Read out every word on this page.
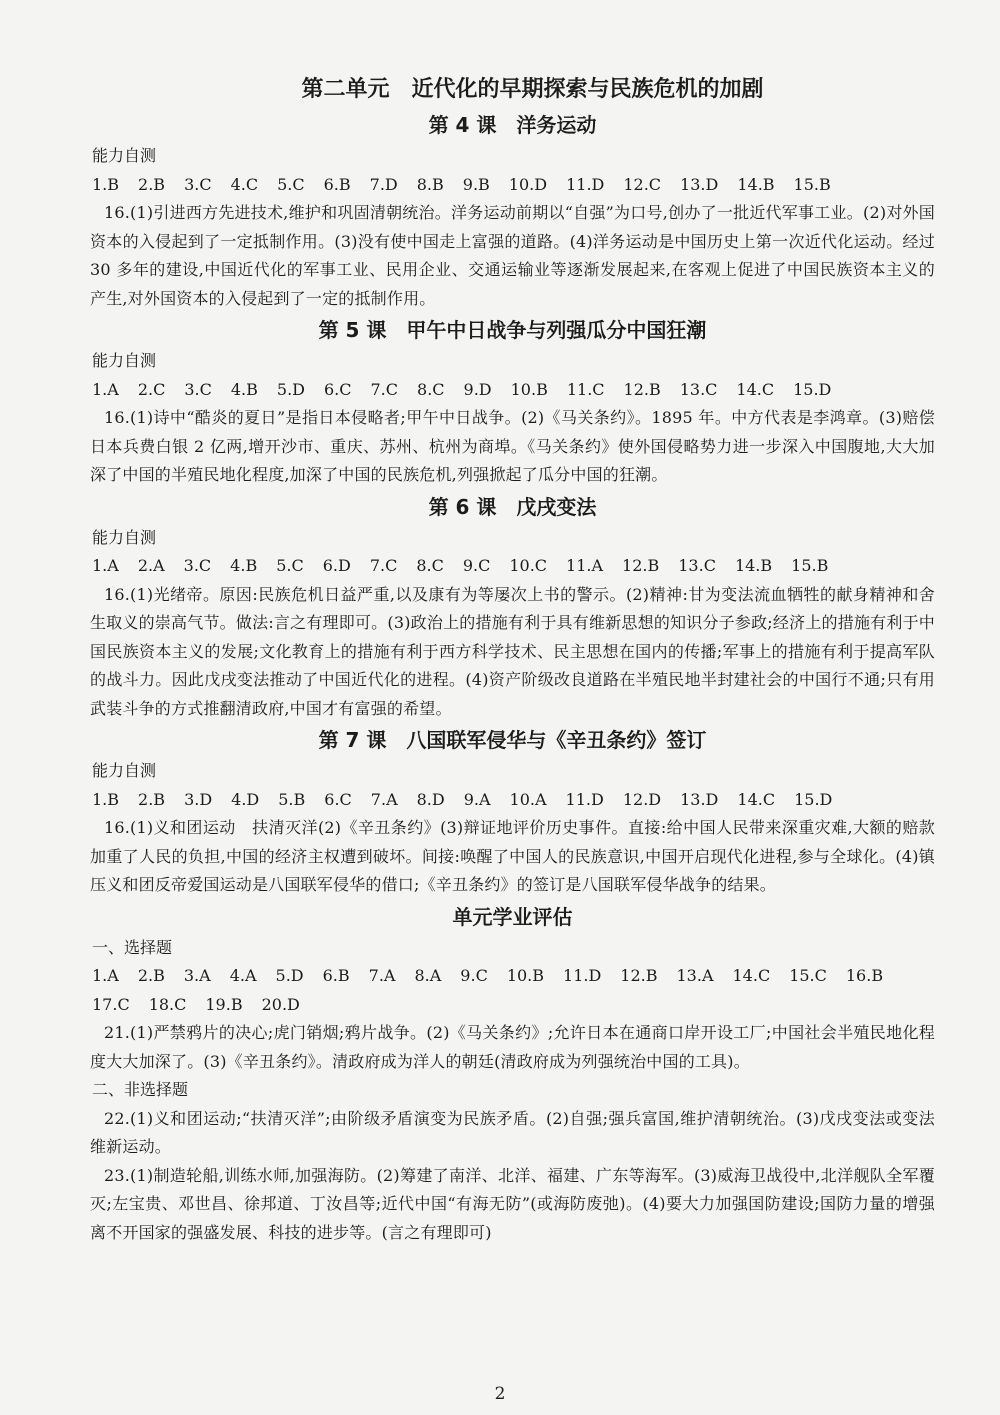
第二单元　近代化的早期探索与民族危机的加剧
第 4 课　洋务运动
能力自测
1.B 2.B 3.C 4.C 5.C 6.B 7.D 8.B 9.B 10.D 11.D 12.C 13.D 14.B 15.B
16.(1)引进西方先进技术,维护和巩固清朝统治。洋务运动前期以“自强”为口号,创办了一批近代军事工业。(2)对外国资本的入侵起到了一定抵制作用。(3)没有使中国走上富强的道路。(4)洋务运动是中国历史上第一次近代化运动。经过 30 多年的建设,中国近代化的军事工业、民用企业、交通运输业等逐渐发展起来,在客观上促进了中国民族资本主义的产生,对外国资本的入侵起到了一定的抵制作用。
第 5 课　甲午中日战争与列强瓜分中国狂潮
能力自测
1.A 2.C 3.C 4.B 5.D 6.C 7.C 8.C 9.D 10.B 11.C 12.B 13.C 14.C 15.D
16.(1)诗中“酷炎的夏日”是指日本侵略者;甲午中日战争。(2)《马关条约》。1895 年。中方代表是李鸿章。(3)赔偿日本兵费白银 2 亿两,增开沙市、重庆、苏州、杭州为商埠。《马关条约》使外国侵略势力进一步深入中国腹地,大大加深了中国的半殖民地化程度,加深了中国的民族危机,列强掀起了瓜分中国的狂潮。
第 6 课　戊戌变法
能力自测
1.A 2.A 3.C 4.B 5.C 6.D 7.C 8.C 9.C 10.C 11.A 12.B 13.C 14.B 15.B
16.(1)光绪帝。原因:民族危机日益严重,以及康有为等屡次上书的警示。(2)精神:甘为变法流血牺牲的献身精神和舍生取义的崇高气节。做法:言之有理即可。(3)政治上的措施有利于具有维新思想的知识分子参政;经济上的措施有利于中国民族资本主义的发展;文化教育上的措施有利于西方科学技术、民主思想在国内的传播;军事上的措施有利于提高军队的战斗力。因此戊戌变法推动了中国近代化的进程。(4)资产阶级改良道路在半殖民地半封建社会的中国行不通;只有用武装斗争的方式推翻清政府,中国才有富强的希望。
第 7 课　八国联军侵华与《辛丑条约》签订
能力自测
1.B 2.B 3.D 4.D 5.B 6.C 7.A 8.D 9.A 10.A 11.D 12.D 13.D 14.C 15.D
16.(1)义和团运动　扶清灭洋(2)《辛丑条约》(3)辩证地评价历史事件。直接:给中国人民带来深重灾难,大额的赔款加重了人民的负担,中国的经济主权遭到破坏。间接:唤醒了中国人的民族意识,中国开启现代化进程,参与全球化。(4)镇压义和团反帝爱国运动是八国联军侵华的借口;《辛丑条约》的签订是八国联军侵华战争的结果。
单元学业评估
一、选择题
1.A 2.B 3.A 4.A 5.D 6.B 7.A 8.A 9.C 10.B 11.D 12.B 13.A 14.C 15.C 16.B
17.C 18.C 19.B 20.D
21.(1)严禁鸦片的决心;虎门销烟;鸦片战争。(2)《马关条约》;允许日本在通商口岸开设工厂;中国社会半殖民地化程度大大加深了。(3)《辛丑条约》。清政府成为洋人的朝廷(清政府成为列强统治中国的工具)。
二、非选择题
22.(1)义和团运动;“扶清灭洋”;由阶级矛盾演变为民族矛盾。(2)自强;强兵富国,维护清朝统治。(3)戊戌变法或变法维新运动。
23.(1)制造轮船,训练水师,加强海防。(2)筹建了南洋、北洋、福建、广东等海军。(3)威海卫战役中,北洋舰队全军覆灭;左宝贵、邓世昌、徐邦道、丁汝昌等;近代中国“有海无防”(或海防废弛)。(4)要大力加强国防建设;国防力量的增强离不开国家的强盛发展、科技的进步等。(言之有理即可)
2
